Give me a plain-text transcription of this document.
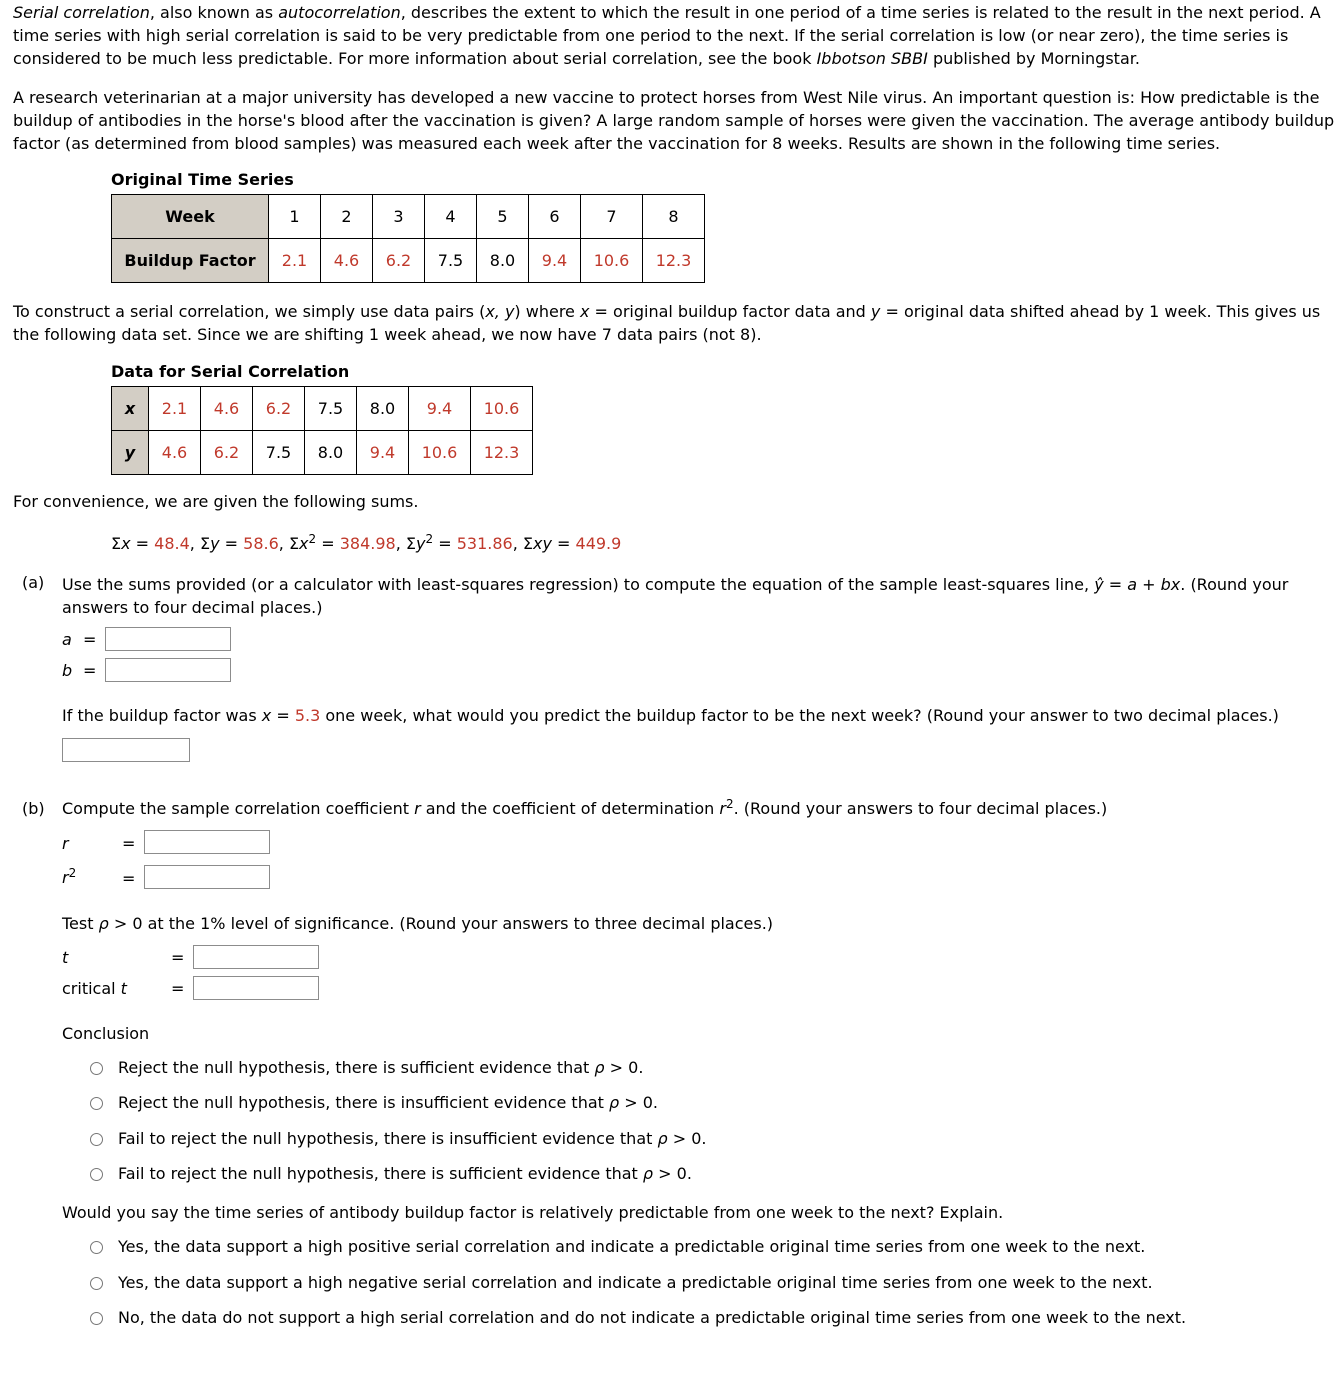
Serial correlation, also known as autocorrelation, describes the extent to which the result in one period of a time series is related to the result in the next period. A time series with high serial correlation is said to be very predictable from one period to the next. If the serial correlation is low (or near zero), the time series is considered to be much less predictable. For more information about serial correlation, see the book Ibbotson SBBI published by Morningstar.
A research veterinarian at a major university has developed a new vaccine to protect horses from West Nile virus. An important question is: How predictable is the buildup of antibodies in the horse's blood after the vaccination is given? A large random sample of horses were given the vaccination. The average antibody buildup factor (as determined from blood samples) was measured each week after the vaccination for 8 weeks. Results are shown in the following time series.
Original Time Series
Week	1	2	3	4	5	6	7	8
Buildup Factor	2.1	4.6	6.2	7.5	8.0	9.4	10.6	12.3
To construct a serial correlation, we simply use data pairs (x, y) where x = original buildup factor data and y = original data shifted ahead by 1 week. This gives us the following data set. Since we are shifting 1 week ahead, we now have 7 data pairs (not 8).
Data for Serial Correlation
x	2.1	4.6	6.2	7.5	8.0	9.4	10.6
y	4.6	6.2	7.5	8.0	9.4	10.6	12.3
For convenience, we are given the following sums.
Σx = 48.4, Σy = 58.6, $\Sigma x^2 = 384.98$, $\Sigma y^2 = 531.86$, Σxy = 449.9
(a) Use the sums provided (or a calculator with least-squares regression) to compute the equation of the sample least-squares line, ŷ = a + bx. (Round your answers to four decimal places.)
a =
b =
If the buildup factor was x = 5.3 one week, what would you predict the buildup factor to be the next week? (Round your answer to two decimal places.)
(b) Compute the sample correlation coefficient r and the coefficient of determination $r^2$. (Round your answers to four decimal places.)
r	=
$r^2$	=
Test ρ > 0 at the 1% level of significance. (Round your answers to three decimal places.)
t	=
critical t	=
Conclusion
Reject the null hypothesis, there is sufficient evidence that ρ > 0.
Reject the null hypothesis, there is insufficient evidence that ρ > 0.
Fail to reject the null hypothesis, there is insufficient evidence that ρ > 0.
Fail to reject the null hypothesis, there is sufficient evidence that ρ > 0.
Would you say the time series of antibody buildup factor is relatively predictable from one week to the next? Explain.
Yes, the data support a high positive serial correlation and indicate a predictable original time series from one week to the next.
Yes, the data support a high negative serial correlation and indicate a predictable original time series from one week to the next.
No, the data do not support a high serial correlation and do not indicate a predictable original time series from one week to the next.
